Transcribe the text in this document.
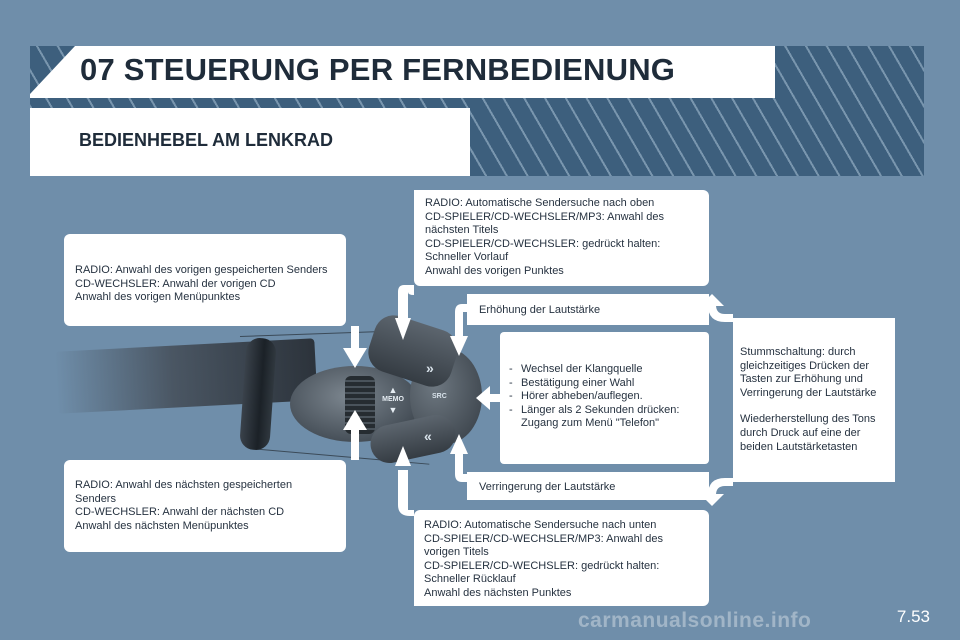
07 STEUERUNG PER FERNBEDIENUNG
BEDIENHEBEL AM LENKRAD
RADIO: Anwahl des vorigen gespeicherten Senders
CD-WECHSLER: Anwahl der vorigen CD
Anwahl des vorigen Menüpunktes
RADIO: Anwahl des nächsten gespeicherten
Senders
CD-WECHSLER: Anwahl der nächsten CD
Anwahl des nächsten Menüpunktes
RADIO: Automatische Sendersuche nach oben
CD-SPIELER/CD-WECHSLER/MP3: Anwahl des
nächsten Titels
CD-SPIELER/CD-WECHSLER: gedrückt halten:
Schneller Vorlauf
Anwahl des vorigen Punktes
RADIO: Automatische Sendersuche nach unten
CD-SPIELER/CD-WECHSLER/MP3: Anwahl des
vorigen Titels
CD-SPIELER/CD-WECHSLER: gedrückt halten:
Schneller Rücklauf
Anwahl des nächsten Punktes
Erhöhung der Lautstärke
Verringerung der Lautstärke
- Wechsel der Klangquelle
- Bestätigung einer Wahl
- Hörer abheben/auflegen.
- Länger als 2 Sekunden drücken: Zugang zum Menü "Telefon"
Stummschaltung: durch gleichzeitiges Drücken der Tasten zur Erhöhung und Verringerung der Lautstärke
Wiederherstellung des Tons durch Druck auf eine der beiden Lautstärketasten
▲
MEMO
▼
»
«
SRC
carmanualsonline.info	7.53
